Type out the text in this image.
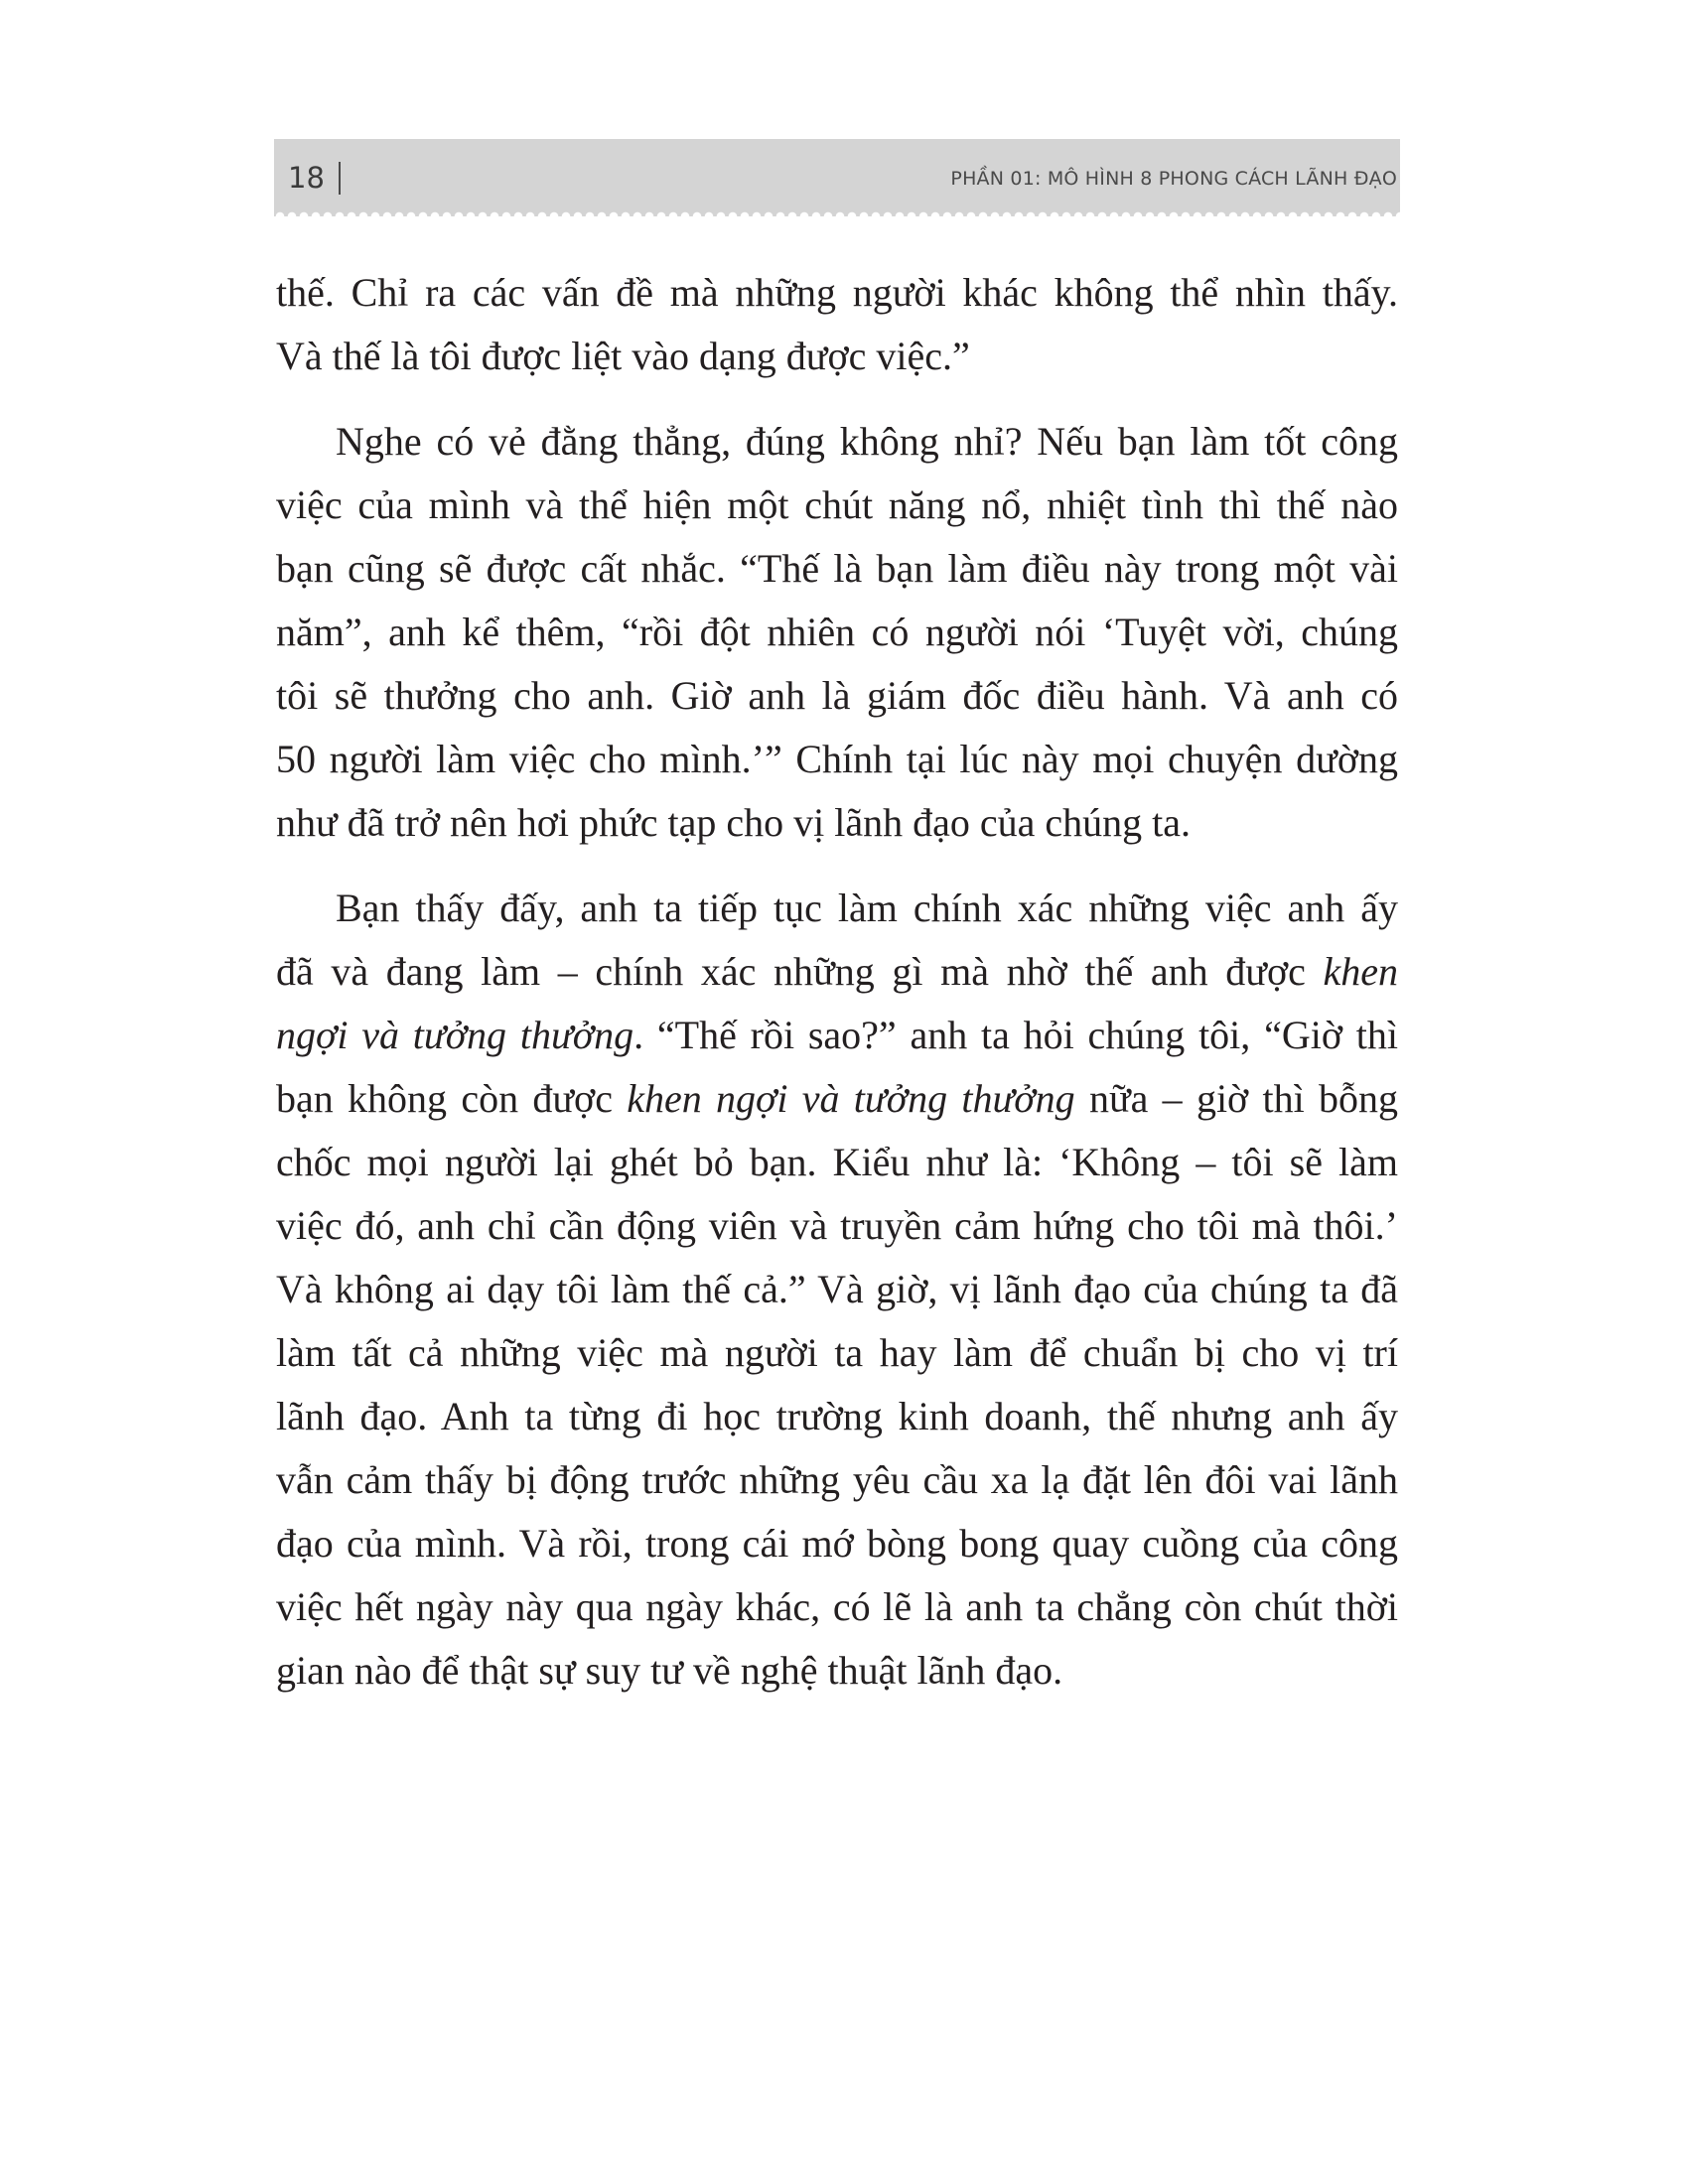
18	PHẦN 01: MÔ HÌNH 8 PHONG CÁCH LÃNH ĐẠO
thế. Chỉ ra các vấn đề mà những người khác không thể nhìn thấy.
Và thế là tôi được liệt vào dạng được việc.”
Nghe có vẻ đằng thẳng, đúng không nhỉ? Nếu bạn làm tốt công
việc của mình và thể hiện một chút năng nổ, nhiệt tình thì thế nào
bạn cũng sẽ được cất nhắc. “Thế là bạn làm điều này trong một vài
năm”, anh kể thêm, “rồi đột nhiên có người nói ‘Tuyệt vời, chúng
tôi sẽ thưởng cho anh. Giờ anh là giám đốc điều hành. Và anh có
50 người làm việc cho mình.’” Chính tại lúc này mọi chuyện dường
như đã trở nên hơi phức tạp cho vị lãnh đạo của chúng ta.
Bạn thấy đấy, anh ta tiếp tục làm chính xác những việc anh ấy
đã và đang làm – chính xác những gì mà nhờ thế anh được khen
ngợi và tưởng thưởng. “Thế rồi sao?” anh ta hỏi chúng tôi, “Giờ thì
bạn không còn được khen ngợi và tưởng thưởng nữa – giờ thì bỗng
chốc mọi người lại ghét bỏ bạn. Kiểu như là: ‘Không – tôi sẽ làm
việc đó, anh chỉ cần động viên và truyền cảm hứng cho tôi mà thôi.’
Và không ai dạy tôi làm thế cả.” Và giờ, vị lãnh đạo của chúng ta đã
làm tất cả những việc mà người ta hay làm để chuẩn bị cho vị trí
lãnh đạo. Anh ta từng đi học trường kinh doanh, thế nhưng anh ấy
vẫn cảm thấy bị động trước những yêu cầu xa lạ đặt lên đôi vai lãnh
đạo của mình. Và rồi, trong cái mớ bòng bong quay cuồng của công
việc hết ngày này qua ngày khác, có lẽ là anh ta chẳng còn chút thời
gian nào để thật sự suy tư về nghệ thuật lãnh đạo.
